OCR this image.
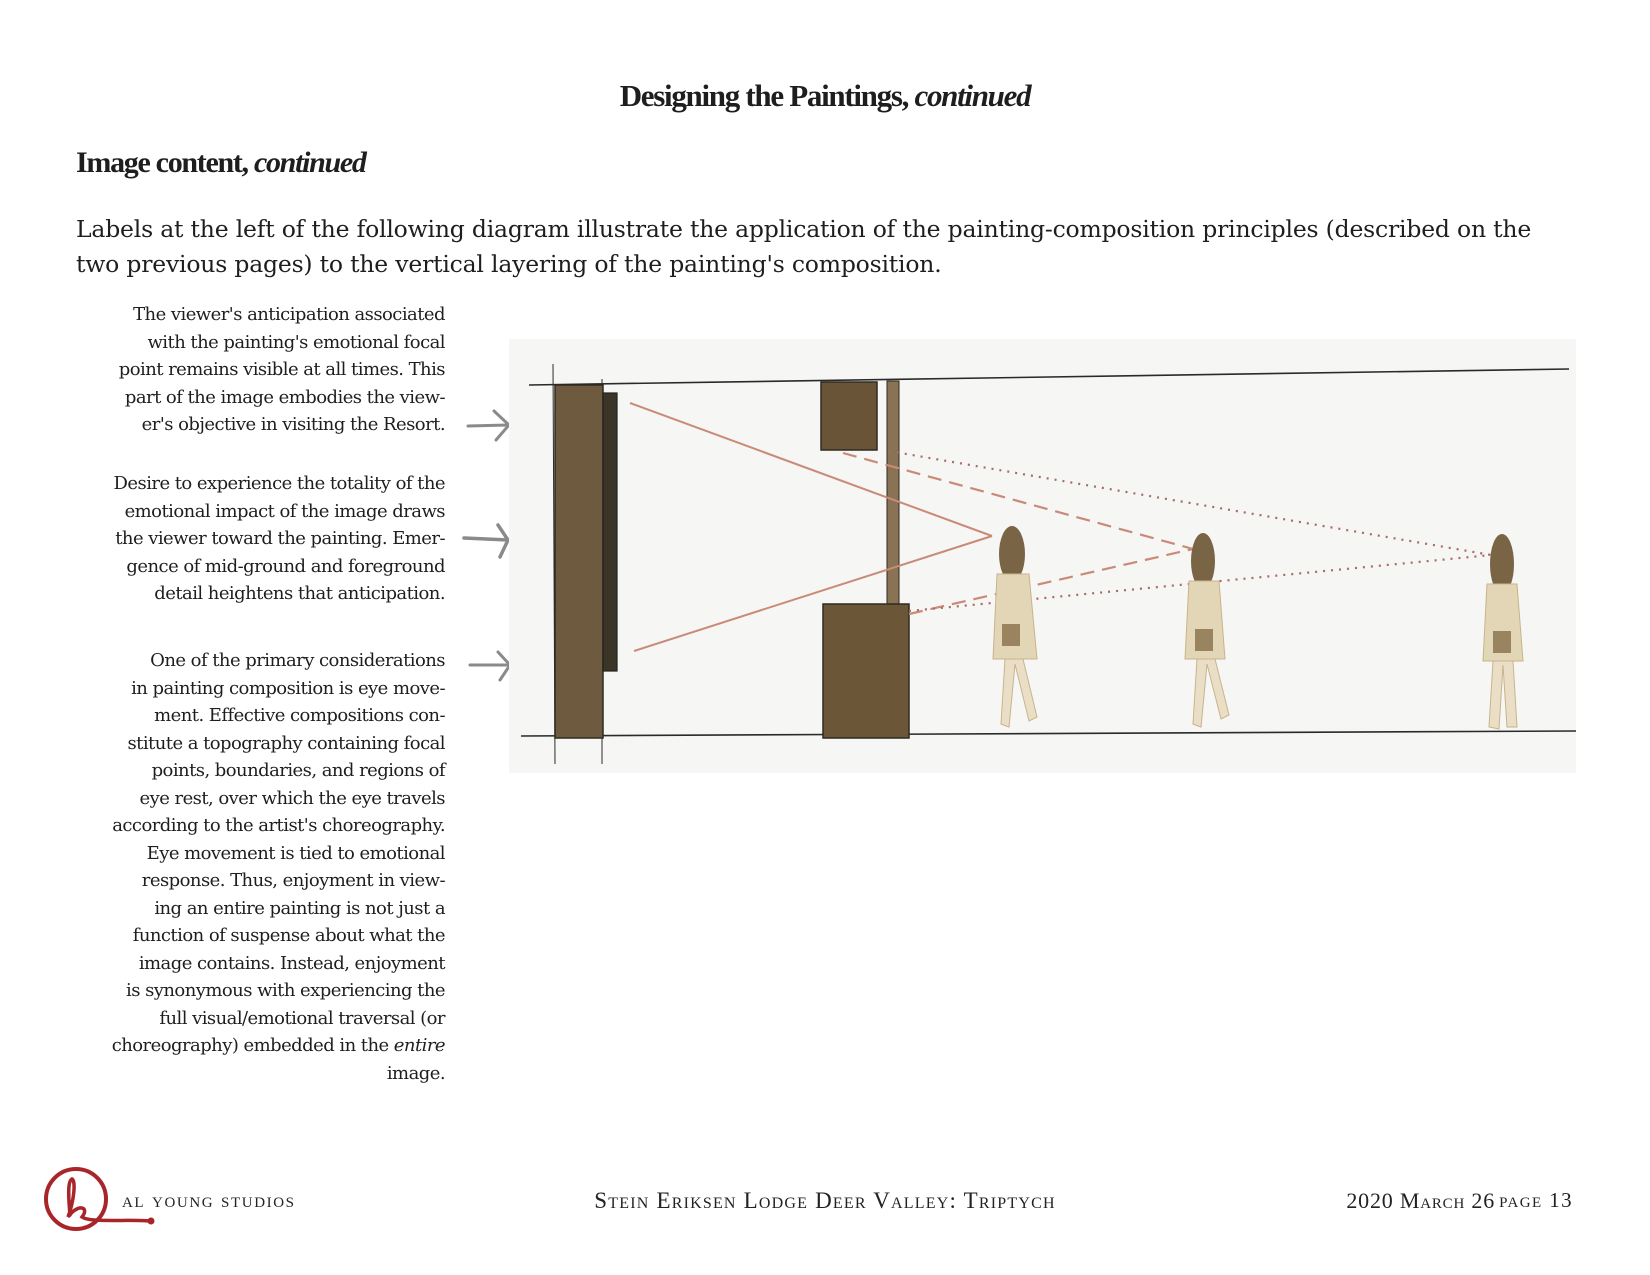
Designing the Paintings, continued
Image content, continued

Labels at the left of the following diagram illustrate the application of the painting-composition principles (described on the two previous pages) to the vertical layering of the painting's composition.

The viewer's anticipation associated
with the painting's emotional focal
point remains visible at all times. This
part of the image embodies the view-
er's objective in visiting the Resort.
Desire to experience the totality of the
emotional impact of the image draws
the viewer toward the painting. Emer-
gence of mid-ground and foreground
detail heightens that anticipation.
One of the primary considerations
in painting composition is eye move-
ment. Effective compositions con-
stitute a topography containing focal
points, boundaries, and regions of
eye rest, over which the eye travels
according to the artist's choreography.
Eye movement is tied to emotional
response. Thus, enjoyment in view-
ing an entire painting is not just a
function of suspense about what the
image contains. Instead, enjoyment
is synonymous with experiencing the
full visual/emotional traversal (or
choreography) embedded in the entire
image.
al young studios	Stein Eriksen Lodge Deer Valley: Triptych	2020 March 26 page 13
